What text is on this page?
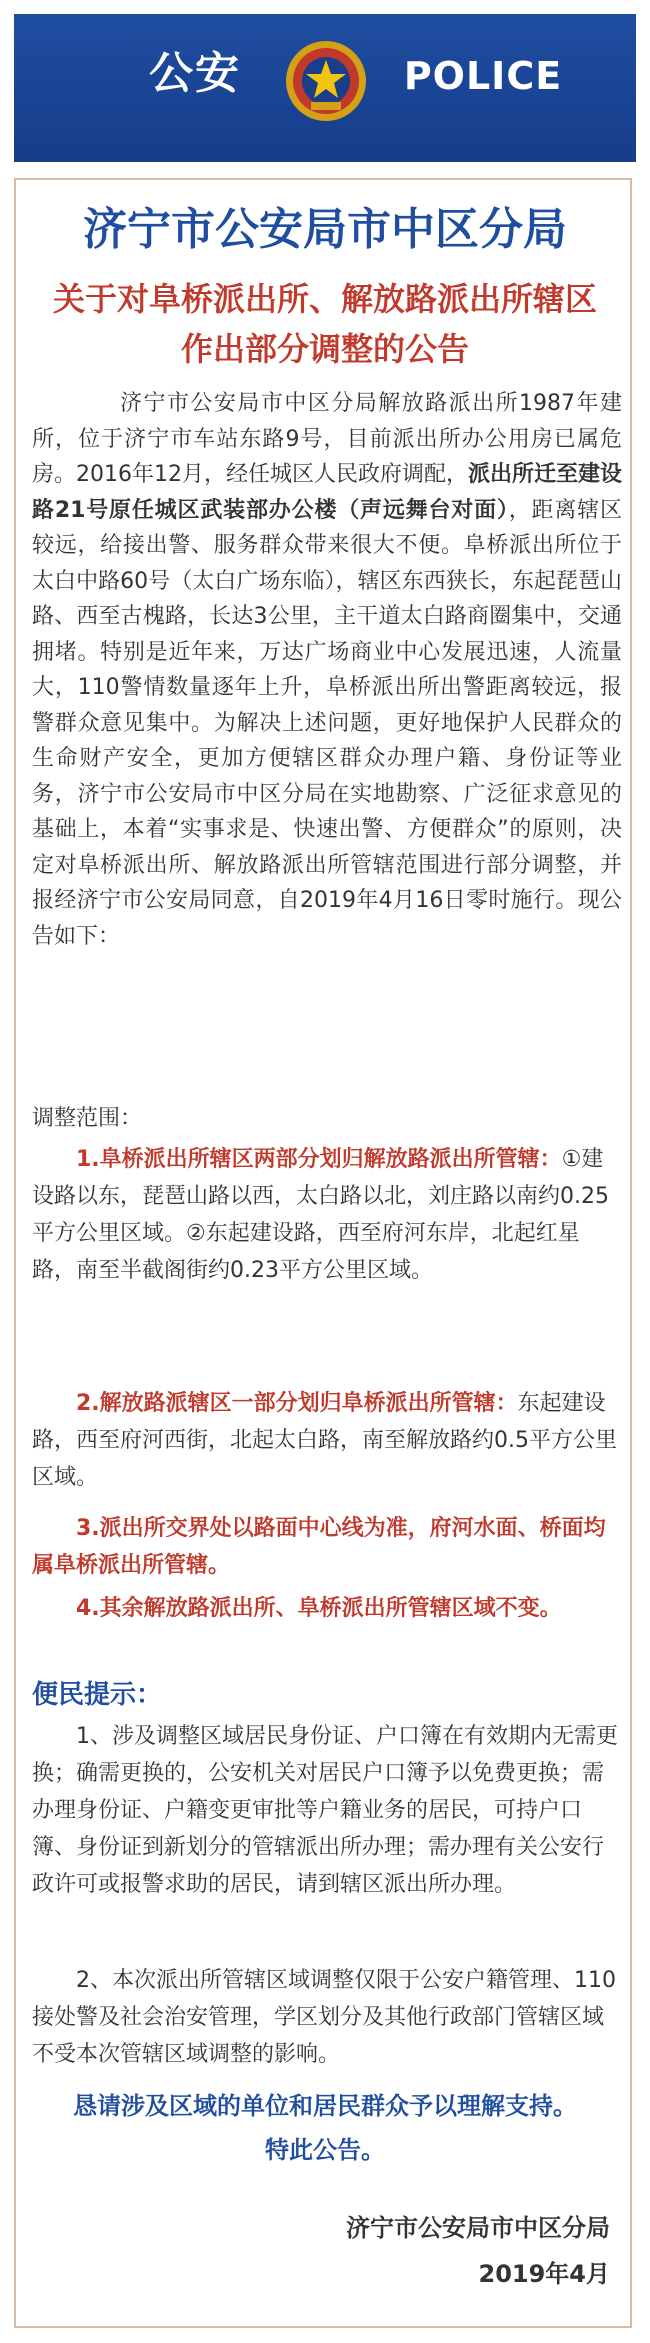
公安	POLICE
济宁市公安局市中区分局
关于对阜桥派出所、解放路派出所辖区
作出部分调整的公告
济宁市公安局市中区分局解放路派出所1987年建所，位于济宁市车站东路9号，目前派出所办公用房已属危房。2016年12月，经任城区人民政府调配，派出所迁至建设路21号原任城区武装部办公楼（声远舞台对面），距离辖区较远，给接出警、服务群众带来很大不便。阜桥派出所位于太白中路60号（太白广场东临），辖区东西狭长，东起琵琶山路、西至古槐路，长达3公里，主干道太白路商圈集中，交通拥堵。特别是近年来，万达广场商业中心发展迅速，人流量大，110警情数量逐年上升，阜桥派出所出警距离较远，报警群众意见集中。为解决上述问题，更好地保护人民群众的生命财产安全，更加方便辖区群众办理户籍、身份证等业务，济宁市公安局市中区分局在实地勘察、广泛征求意见的基础上，本着“实事求是、快速出警、方便群众”的原则，决定对阜桥派出所、解放路派出所管辖范围进行部分调整，并报经济宁市公安局同意，自2019年4月16日零时施行。现公告如下：
调整范围：
1.阜桥派出所辖区两部分划归解放路派出所管辖：①建设路以东，琵琶山路以西，太白路以北，刘庄路以南约0.25平方公里区域。②东起建设路，西至府河东岸，北起红星路，南至半截阁街约0.23平方公里区域。
2.解放路派辖区一部分划归阜桥派出所管辖：东起建设路，西至府河西街，北起太白路，南至解放路约0.5平方公里区域。
3.派出所交界处以路面中心线为准，府河水面、桥面均属阜桥派出所管辖。
4.其余解放路派出所、阜桥派出所管辖区域不变。
便民提示：
1、涉及调整区域居民身份证、户口簿在有效期内无需更换；确需更换的，公安机关对居民户口簿予以免费更换；需办理身份证、户籍变更审批等户籍业务的居民，可持户口簿、身份证到新划分的管辖派出所办理；需办理有关公安行政许可或报警求助的居民，请到辖区派出所办理。
2、本次派出所管辖区域调整仅限于公安户籍管理、110接处警及社会治安管理，学区划分及其他行政部门管辖区域不受本次管辖区域调整的影响。
恳请涉及区域的单位和居民群众予以理解支持。
特此公告。
济宁市公安局市中区分局
2019年4月
